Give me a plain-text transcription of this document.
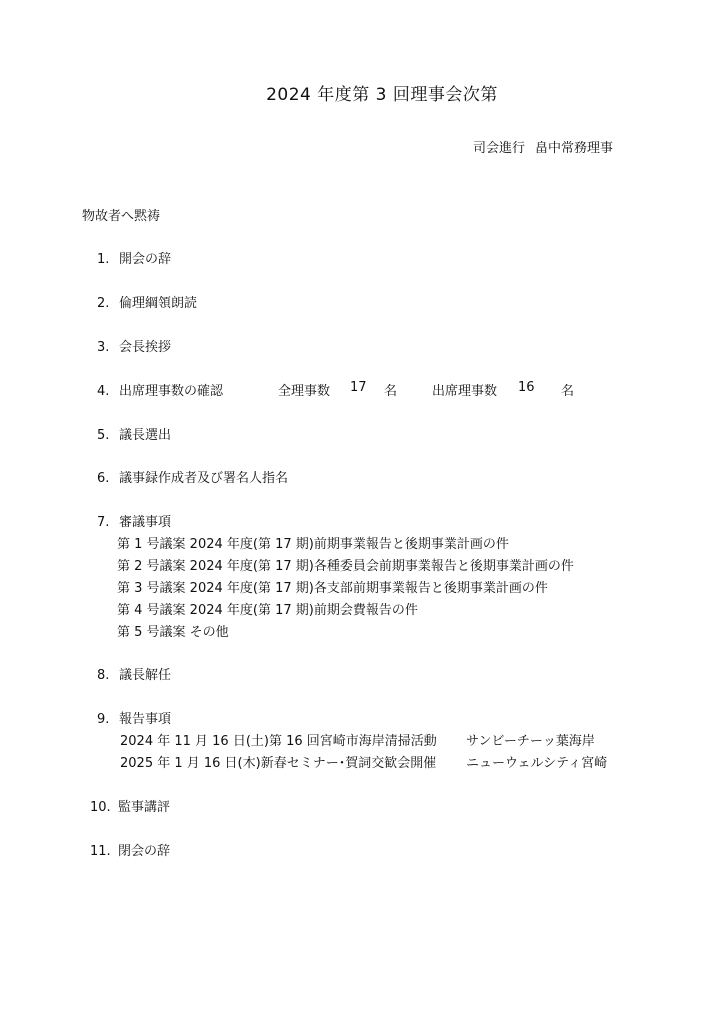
2024 年度第 3 回理事会次第
司会進行 畠中常務理事
物故者へ黙祷
1. 開会の辞
2. 倫理綱領朗読
3. 会長挨拶
4. 出席理事数の確認	全理事数 17 名	出席理事数 16 名
5. 議長選出
6. 議事録作成者及び署名人指名
7. 審議事項
第 1 号議案 2024 年度(第 17 期)前期事業報告と後期事業計画の件
第 2 号議案 2024 年度(第 17 期)各種委員会前期事業報告と後期事業計画の件
第 3 号議案 2024 年度(第 17 期)各支部前期事業報告と後期事業計画の件
第 4 号議案 2024 年度(第 17 期)前期会費報告の件
第 5 号議案 その他
8. 議長解任
9. 報告事項
2024 年 11 月 16 日(土)第 16 回宮崎市海岸清掃活動 サンビーチーッ葉海岸
2025 年 1 月 16 日(木)新春セミナー･賀詞交歓会開催 ニューウェルシティ宮崎
10. 監事講評
11. 閉会の辞
